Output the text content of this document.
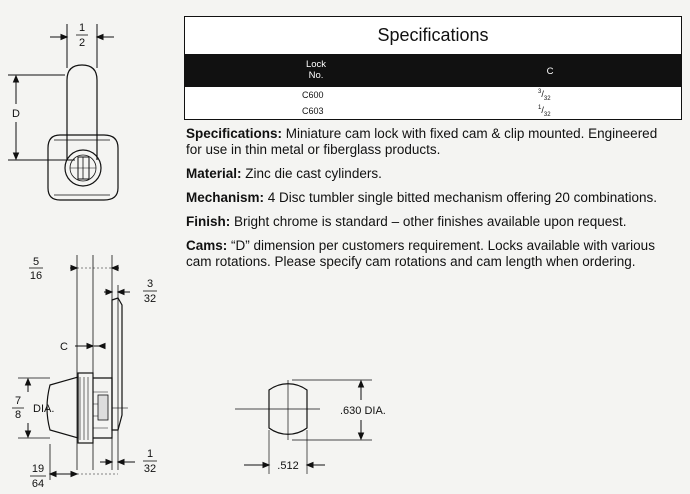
1
2
D
5
16
3
32
C
7
8 DIA.
19
64
1
32
.630 DIA.
.512
Specifications
Lock
No.	C
C600	$^3/_{32}$
C603	$^1/_{32}$

Specifications: Miniature cam lock with fixed cam & clip mounted. Engineered for use in thin metal or fiberglass products.

Material: Zinc die cast cylinders.

Mechanism: 4 Disc tumbler single bitted mechanism offering 20 combinations.

Finish: Bright chrome is standard – other finishes available upon request.

Cams: “D” dimension per customers requirement. Locks available with various cam rotations. Please specify cam rotations and cam length when ordering.
